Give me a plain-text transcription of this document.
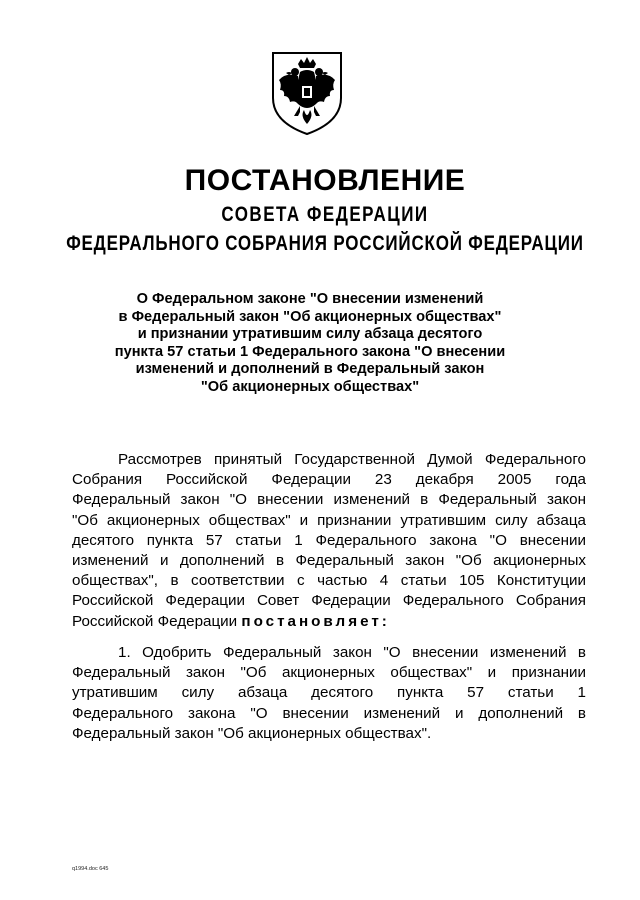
ПОСТАНОВЛЕНИЕ
СОВЕТА ФЕДЕРАЦИИ
ФЕДЕРАЛЬНОГО СОБРАНИЯ РОССИЙСКОЙ ФЕДЕРАЦИИ
О Федеральном законе "О внесении изменений
в Федеральный закон "Об акционерных обществах"
и признании утратившим силу абзаца десятого
пункта 57 статьи 1 Федерального закона "О внесении
изменений и дополнений в Федеральный закон
"Об акционерных обществах"
Рассмотрев принятый Государственной Думой Федерального
Собрания Российской Федерации 23 декабря 2005 года
Федеральный закон "О внесении изменений в Федеральный закон
"Об акционерных обществах" и признании утратившим силу абзаца
десятого пункта 57 статьи 1 Федерального закона "О внесении
изменений и дополнений в Федеральный закон "Об акционерных
обществах", в соответствии с частью 4 статьи 105 Конституции
Российской Федерации Совет Федерации Федерального Собрания
Российской Федерации постановляет:
1. Одобрить Федеральный закон "О внесении изменений в
Федеральный закон "Об акционерных обществах" и признании
утратившим силу абзаца десятого пункта 57 статьи 1
Федерального закона "О внесении изменений и дополнений в
Федеральный закон "Об акционерных обществах".
q1994.doc 645
